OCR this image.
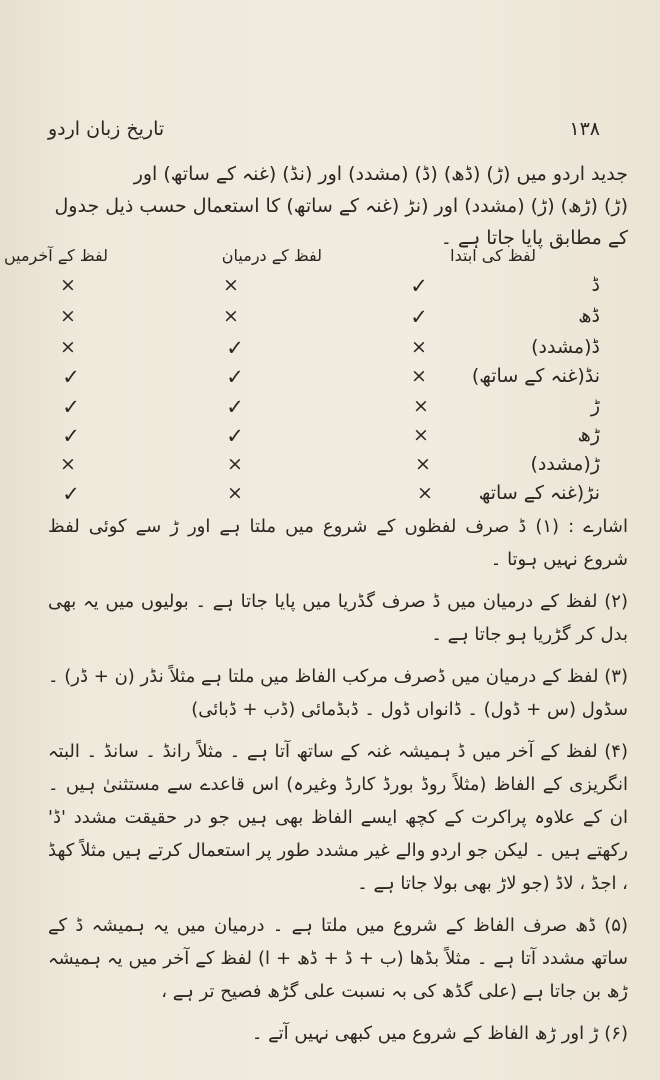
تاریخ زبان اردو	۱۳۸

جدید اردو میں (ڑ) (ڈھ) (ڈ) (مشدد) اور (نڈ) (غنہ کے ساتھ) اور

(ڑ) (ڑھ) (ڑ) (مشدد) اور (نڑ (غنہ کے ساتھ) کا استعمال حسب ذیل جدول

کے مطابق پایا جاتا ہے ۔

لفظ کی ابتدا
لفظ کے درمیان
لفظ کے آخرمیں
ڈ
✓
×
×
ڈھ
✓
×
×
ڈ(مشدد)
×
✓
×
نڈ(غنہ کے ساتھ)
×
✓
✓
ڑ
×
✓
✓
ڑھ
×
✓
✓
ڑ(مشدد)
×
×
×
نڑ(غنہ کے ساتھ
×
×
✓

اشارے : (۱) ڈ صرف لفظوں کے شروع میں ملتا ہے اور ڑ سے کوئی لفظ شروع نہیں ہوتا ۔

(۲) لفظ کے درمیان میں ڈ صرف گڈریا میں پایا جاتا ہے ۔ بولیوں میں یہ بھی بدل کر گڑریا ہو جاتا ہے ۔

(۳) لفظ کے درمیان میں ڈصرف مرکب الفاظ میں ملتا ہے مثلاً نڈر (ن + ڈر) ۔ سڈول (س + ڈول) ۔ ڈانواں ڈول ۔ ڈبڈمائی (ڈب + ڈبائی)

(۴) لفظ کے آخر میں ڈ ہمیشہ غنہ کے ساتھ آتا ہے ۔ مثلاً رانڈ ۔ سانڈ ۔ البتہ انگریزی کے الفاظ (مثلاً روڈ بورڈ کارڈ وغیرہ) اس قاعدے سے مستثنیٰ ہیں ۔ ان کے علاوہ پراکرت کے کچھ ایسے الفاظ بھی ہیں جو در حقیقت مشدد 'ڈ' رکھتے ہیں ۔ لیکن جو اردو والے غیر مشدد طور پر استعمال کرتے ہیں مثلاً کھڈ ، اجڈ ، لاڈ (جو لاڑ بھی بولا جاتا ہے ۔

(۵) ڈھ صرف الفاظ کے شروع میں ملتا ہے ۔ درمیان میں یہ ہمیشہ ڈ کے ساتھ مشدد آتا ہے ۔ مثلاً بڈھا (ب + ڈ + ڈھ + ا) لفظ کے آخر میں یہ ہمیشہ ڑھ بن جاتا ہے (علی گڈھ کی بہ نسبت علی گڑھ فصیح تر ہے ،

(۶) ڑ اور ڑھ الفاظ کے شروع میں کبھی نہیں آتے ۔
